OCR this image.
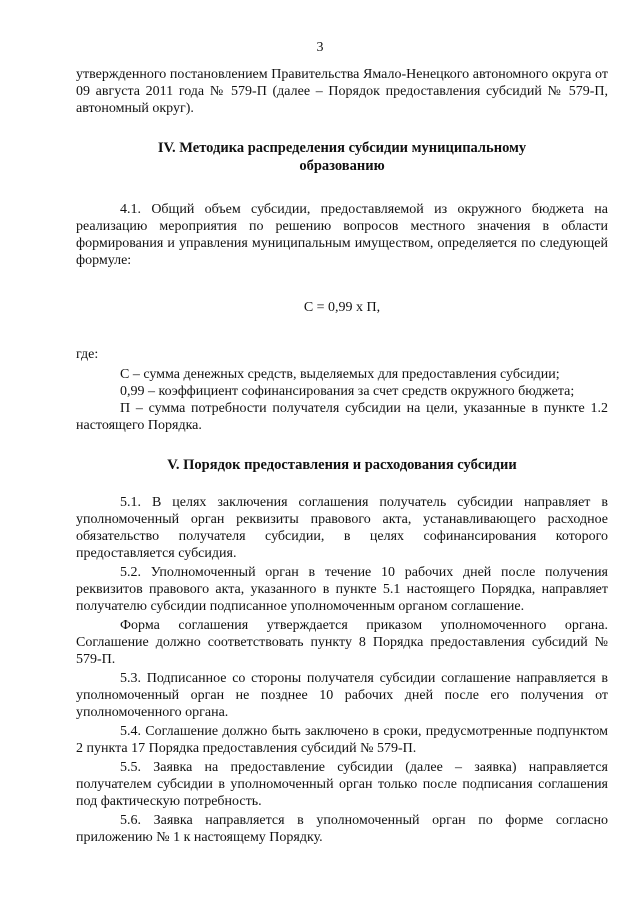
3

утвержденного постановлением Правительства Ямало-Ненецкого автономного округа от 09 августа 2011 года № 579-П (далее – Порядок предоставления субсидий № 579-П, автономный округ).

IV. Методика распределения субсидии муниципальному образованию

4.1. Общий объем субсидии, предоставляемой из окружного бюджета на реализацию мероприятия по решению вопросов местного значения в области формирования и управления муниципальным имуществом, определяется по следующей формуле:

С = 0,99 х П,

где:

С – сумма денежных средств, выделяемых для предоставления субсидии;

0,99 – коэффициент софинансирования за счет средств окружного бюджета;

П – сумма потребности получателя субсидии на цели, указанные в пункте 1.2 настоящего Порядка.

V. Порядок предоставления и расходования субсидии

5.1. В целях заключения соглашения получатель субсидии направляет в уполномоченный орган реквизиты правового акта, устанавливающего расходное обязательство получателя субсидии, в целях софинансирования которого предоставляется субсидия.

5.2. Уполномоченный орган в течение 10 рабочих дней после получения реквизитов правового акта, указанного в пункте 5.1 настоящего Порядка, направляет получателю субсидии подписанное уполномоченным органом соглашение.

Форма соглашения утверждается приказом уполномоченного органа. Соглашение должно соответствовать пункту 8 Порядка предоставления субсидий № 579-П.

5.3. Подписанное со стороны получателя субсидии соглашение направляется в уполномоченный орган не позднее 10 рабочих дней после его получения от уполномоченного органа.

5.4. Соглашение должно быть заключено в сроки, предусмотренные подпунктом 2 пункта 17 Порядка предоставления субсидий № 579-П.

5.5. Заявка на предоставление субсидии (далее – заявка) направляется получателем субсидии в уполномоченный орган только после подписания соглашения под фактическую потребность.

5.6. Заявка направляется в уполномоченный орган по форме согласно приложению № 1 к настоящему Порядку.
